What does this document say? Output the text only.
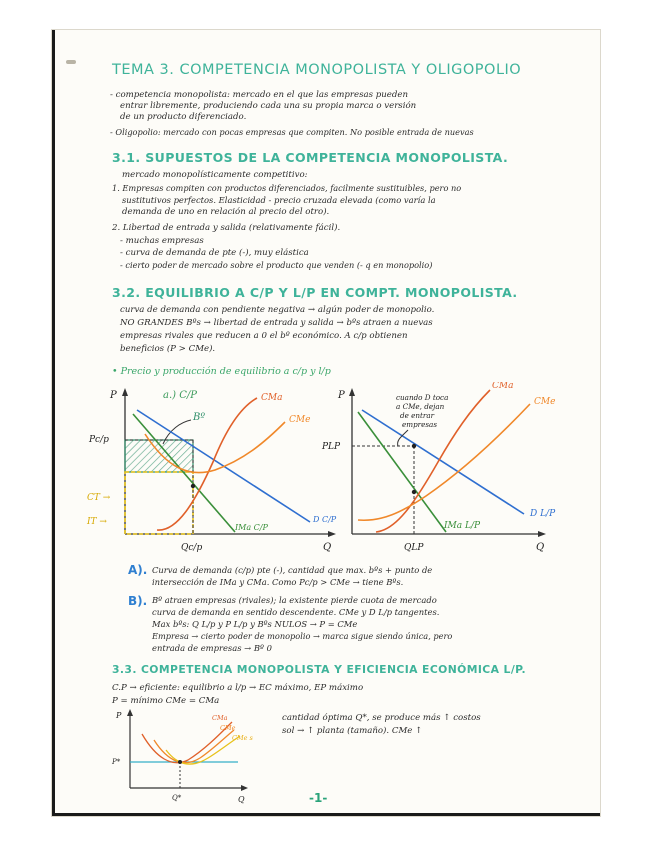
TEMA 3. COMPETENCIA MONOPOLISTA Y OLIGOPOLIO
- competencia monopolista: mercado en el que las empresas pueden
entrar libremente, produciendo cada una su propia marca o versión
de un producto diferenciado.
- Oligopolio: mercado con pocas empresas que compiten. No posible entrada de nuevas
3.1. SUPUESTOS DE LA COMPETENCIA MONOPOLISTA.
mercado monopolísticamente competitivo:
1. Empresas compiten con productos diferenciados, facilmente sustituibles, pero no
sustitutivos perfectos. Elasticidad - precio cruzada elevada (como varía la
demanda de uno en relación al precio del otro).
2. Libertad de entrada y salida (relativamente fácil).
- muchas empresas
- curva de demanda de pte (-), muy elástica
- cierto poder de mercado sobre el producto que venden (- q en monopolio)
3.2. EQUILIBRIO A C/P Y L/P EN COMPT. MONOPOLISTA.
curva de demanda con pendiente negativa → algún poder de monopolio.
NO GRANDES Bºs → libertad de entrada y salida → bºs atraen a nuevas
empresas rivales que reducen a 0 el bº económico. A c/p obtienen
beneficios (P > CMe).
• Precio y producción de equilibrio a c/p y l/p
P
Q
a.) C/P
Pc/p
CT →
IT →
Qc/p
Bº
D C/P
IMa C/P
CMa
CMe
P
Q
PLP
QLP
D L/P
IMa L/P
CMa
CMe
cuando D toca
a CMe, dejan
de entrar
empresas
A). Curva de demanda (c/p) pte (-), cantidad que max. bºs + punto de
intersección de IMa y CMa. Como Pc/p > CMe → tiene Bºs.
B). Bº atraen empresas (rivales); la existente pierde cuota de mercado
curva de demanda en sentido descendente. CMe y D L/p tangentes.
Max bºs: Q L/p y P L/p y Bºs NULOS → P = CMe
Empresa → cierto poder de monopolio → marca sigue siendo única, pero
entrada de empresas → Bº 0
3.3. COMPETENCIA MONOPOLISTA Y EFICIENCIA ECONÓMICA L/P.
C.P → eficiente: equilibrio a l/p → EC máximo, EP máximo
P = mínimo CMe = CMa
cantidad óptima Q*, se produce más ↑ costos
sol → ↑ planta (tamaño). CMe ↑
P
P*
Q
Q*
CMa
CMe
CMe s
-1-
